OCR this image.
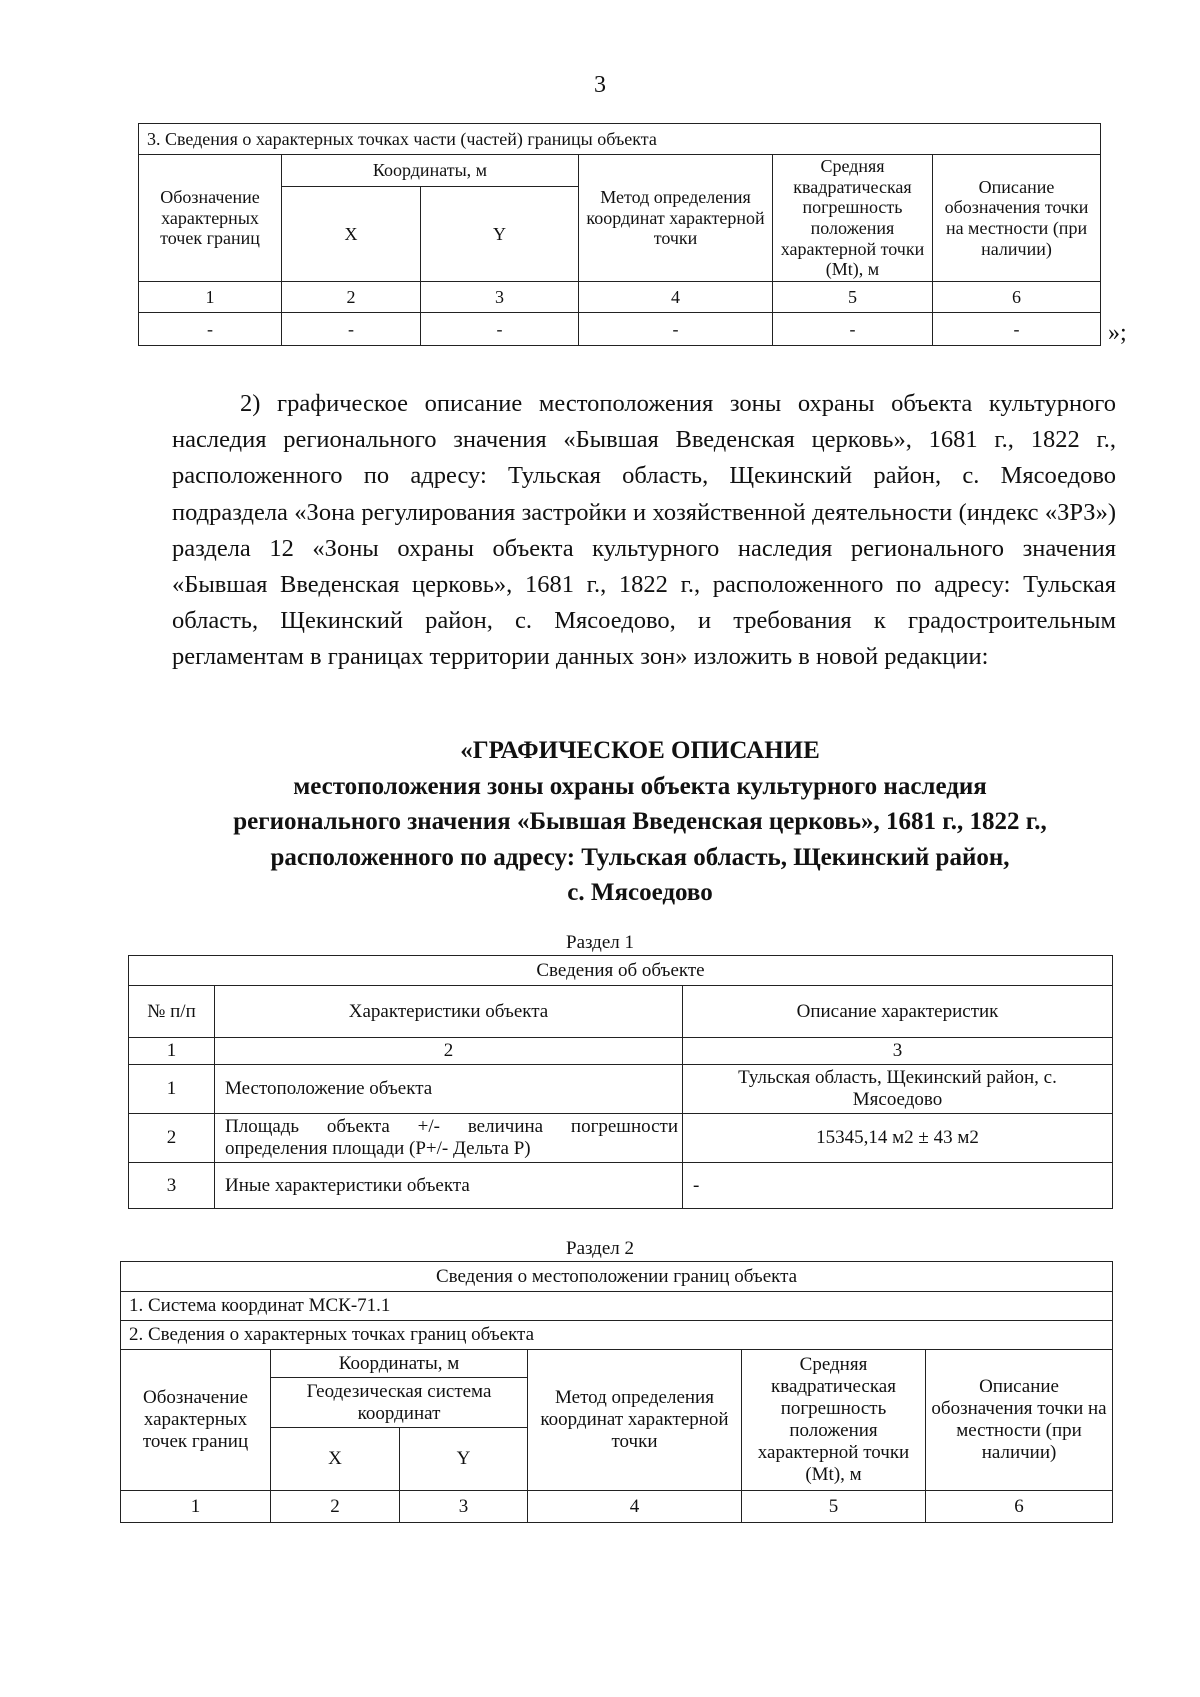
3
3. Сведения о характерных точках части (частей) границы объекта					
Обозначение характерных точек границ	Координаты, м		Метод определения координат характерной точки	Средняя квадратическая погрешность положения характерной точки (Mt), м	Описание обозначения точки на местности (при наличии)
	X	Y			
1	2	3	4	5	6
-	-	-	-	-	-	»;

2) графическое описание местоположения зоны охраны объекта культурного наследия регионального значения «Бывшая Введенская церковь», 1681 г., 1822 г., расположенного по адресу: Тульская область, Щекинский район, с. Мясоедово подраздела «Зона регулирования застройки и хозяйственной деятельности (индекс «ЗРЗ») раздела 12 «Зоны охраны объекта культурного наследия регионального значения «Бывшая Введенская церковь», 1681 г., 1822 г., расположенного по адресу: Тульская область, Щекинский район, с. Мясоедово, и требования к градостроительным регламентам в границах территории данных зон» изложить в новой редакции:

«ГРАФИЧЕСКОЕ ОПИСАНИЕ
местоположения зоны охраны объекта культурного наследия
регионального значения «Бывшая Введенская церковь», 1681 г., 1822 г.,
расположенного по адресу: Тульская область, Щекинский район,
с. Мясоедово
Раздел 1
Сведения об объекте		
№ п/п	Характеристики объекта	Описание характеристик
1	2	3
1	Местоположение объекта	Тульская область, Щекинский район, с. Мясоедово
2	Площадь объекта +/- величина погрешности определения площади (P+/- Дельта P)	15345,14 м2 ± 43 м2
3	Иные характеристики объекта	-
Раздел 2
Сведения о местоположении границ объекта					
1. Система координат МСК-71.1					
2. Сведения о характерных точках границ объекта					
Обозначение характерных точек границ	Координаты, м		Метод определения координат характерной точки	Средняя квадратическая погрешность положения характерной точки (Mt), м	Описание обозначения точки на местности (при наличии)
	Геодезическая система координат				
	X	Y			
1	2	3	4	5	6
